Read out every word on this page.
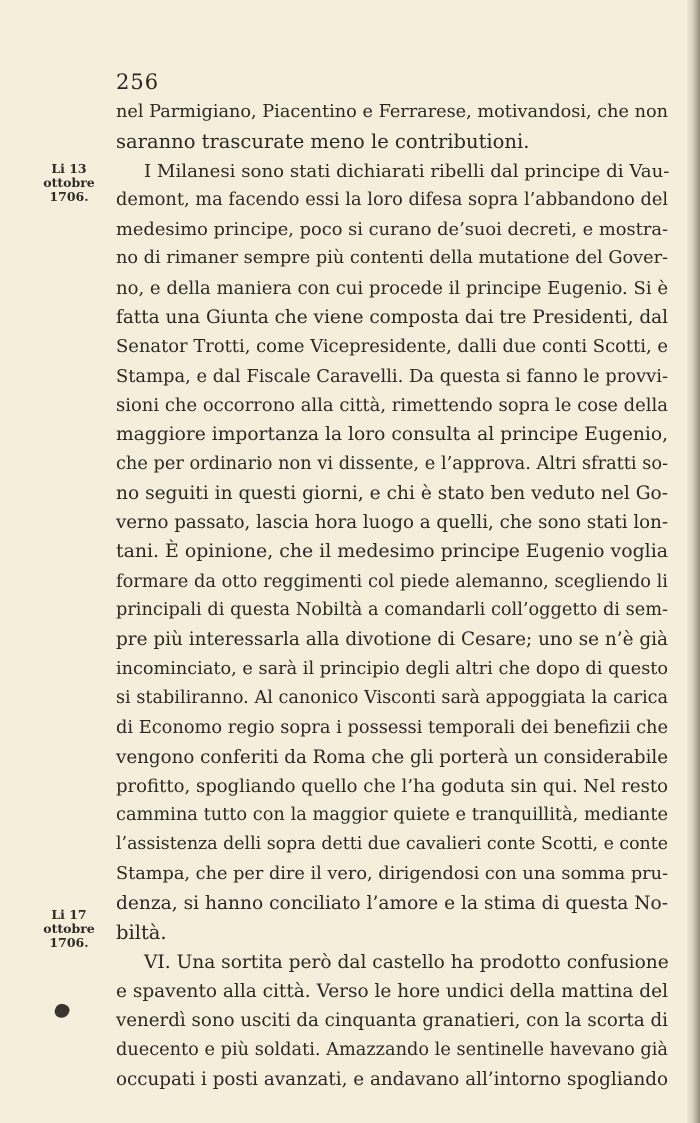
256
Li 13
ottobre
1706.
Li 17
ottobre
1706.
nel Parmigiano, Piacentino e Ferrarese, motivandosi, che non
saranno trascurate meno le contributioni.
I Milanesi sono stati dichiarati ribelli dal principe di Vau-
demont, ma facendo essi la loro difesa sopra l’abbandono del
medesimo principe, poco si curano de’suoi decreti, e mostra-
no di rimaner sempre più contenti della mutatione del Gover-
no, e della maniera con cui procede il principe Eugenio. Si è
fatta una Giunta che viene composta dai tre Presidenti, dal
Senator Trotti, come Vicepresidente, dalli due conti Scotti, e
Stampa, e dal Fiscale Caravelli. Da questa si fanno le provvi-
sioni che occorrono alla città, rimettendo sopra le cose della
maggiore importanza la loro consulta al principe Eugenio,
che per ordinario non vi dissente, e l’approva. Altri sfratti so-
no seguiti in questi giorni, e chi è stato ben veduto nel Go-
verno passato, lascia hora luogo a quelli, che sono stati lon-
tani. È opinione, che il medesimo principe Eugenio voglia
formare da otto reggimenti col piede alemanno, scegliendo li
principali di questa Nobiltà a comandarli coll’oggetto di sem-
pre più interessarla alla divotione di Cesare; uno se n’è già
incominciato, e sarà il principio degli altri che dopo di questo
si stabiliranno. Al canonico Visconti sarà appoggiata la carica
di Economo regio sopra i possessi temporali dei benefizii che
vengono conferiti da Roma che gli porterà un considerabile
profitto, spogliando quello che l’ha goduta sin qui. Nel resto
cammina tutto con la maggior quiete e tranquillità, mediante
l’assistenza delli sopra detti due cavalieri conte Scotti, e conte
Stampa, che per dire il vero, dirigendosi con una somma pru-
denza, si hanno conciliato l’amore e la stima di questa No-
biltà.
VI. Una sortita però dal castello ha prodotto confusione
e spavento alla città. Verso le hore undici della mattina del
venerdì sono usciti da cinquanta granatieri, con la scorta di
duecento e più soldati. Amazzando le sentinelle havevano già
occupati i posti avanzati, e andavano all’intorno spogliando
